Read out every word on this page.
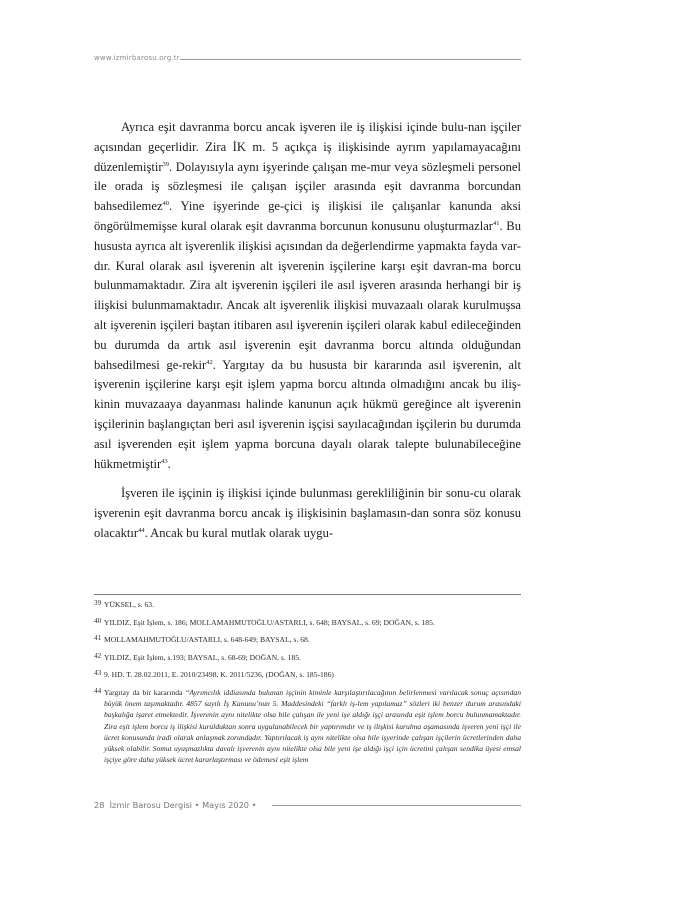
www.izmirbarosu.org.tr

Ayrıca eşit davranma borcu ancak işveren ile iş ilişkisi içinde bulu-nan işçiler açısından geçerlidir. Zira İK m. 5 açıkça iş ilişkisinde ayrım yapılamayacağını düzenlemiştir$^{39}$. Dolayısıyla aynı işyerinde çalışan me-mur veya sözleşmeli personel ile orada iş sözleşmesi ile çalışan işçiler arasında eşit davranma borcundan bahsedilemez$^{40}$. Yine işyerinde ge-çici iş ilişkisi ile çalışanlar kanunda aksi öngörülmemişse kural olarak eşit davranma borcunun konusunu oluşturmazlar$^{41}$. Bu hususta ayrıca alt işverenlik ilişkisi açısından da değerlendirme yapmakta fayda var-dır. Kural olarak asıl işverenin alt işverenin işçilerine karşı eşit davran-ma borcu bulunmamaktadır. Zira alt işverenin işçileri ile asıl işveren arasında herhangi bir iş ilişkisi bulunmamaktadır. Ancak alt işverenlik ilişkisi muvazaalı olarak kurulmuşsa alt işverenin işçileri baştan itibaren asıl işverenin işçileri olarak kabul edileceğinden bu durumda da artık asıl işverenin eşit davranma borcu altında olduğundan bahsedilmesi ge-rekir$^{42}$. Yargıtay da bu hususta bir kararında asıl işverenin, alt işverenin işçilerine karşı eşit işlem yapma borcu altında olmadığını ancak bu iliş-kinin muvazaaya dayanması halinde kanunun açık hükmü gereğince alt işverenin işçilerinin başlangıçtan beri asıl işverenin işçisi sayılacağından işçilerin bu durumda asıl işverenden eşit işlem yapma borcuna dayalı olarak talepte bulunabileceğine hükmetmiştir$^{43}$.

İşveren ile işçinin iş ilişkisi içinde bulunması gerekliliğinin bir sonu-cu olarak işverenin eşit davranma borcu ancak iş ilişkisinin başlamasın-dan sonra söz konusu olacaktır$^{44}$. Ancak bu kural mutlak olarak uygu-

39 YÜKSEL, s. 63.
40 YILDIZ, Eşit İşlem, s. 186; MOLLAMAHMUTOĞLU/ASTARLI, s. 648; BAYSAL, s. 69; DOĞAN, s. 185.
41 MOLLAMAHMUTOĞLU/ASTARLI, s. 648-649; BAYSAL, s. 68.
42 YILDIZ, Eşit İşlem, s.193; BAYSAL, s. 68-69; DOĞAN, s. 185.
43 9. HD. T. 28.02.2011, E. 2010/23498, K. 2011/5236, (DOĞAN, s. 185-186)
44 Yargıtay da bir kararında “Ayrımcılık iddiasında bulunan işçinin kiminle karşılaştırılacağının belirlenmesi varılacak sonuç açısından büyük önem taşımaktadır. 4857 sayılı İş Kanunu’nun 5. Maddesindeki “farklı iş-lem yapılamaz” sözleri iki benzer durum arasındaki başkalığa işaret etmektedir. İşverenin aynı nitelikte olsa bile çalışan ile yeni işe aldığı işçi arasında eşit işlem borcu bulunmamaktadır. Zira eşit işlem borcu iş ilişkisi kurulduktan sonra uygulanabilecek bir yaptırımdır ve iş ilişkisi kurulma aşamasında işveren yeni işçi ile ücret konusunda iradi olarak anlaşmak zorundadır. Yaptırılacak iş aynı nitelikte olsa bile işyerinde çalışan işçilerin ücretlerinden daha yüksek olabilir. Somut uyuşmazlıkta davalı işverenin aynı nitelikte olsa bile yeni işe aldığı işçi için ücretini çalışan sendika üyesi emsal işçiye göre daha yüksek ücret kararlaştırması ve ödemesi eşit işlem
28 İzmir Barosu Dergisi • Mayıs 2020 •
